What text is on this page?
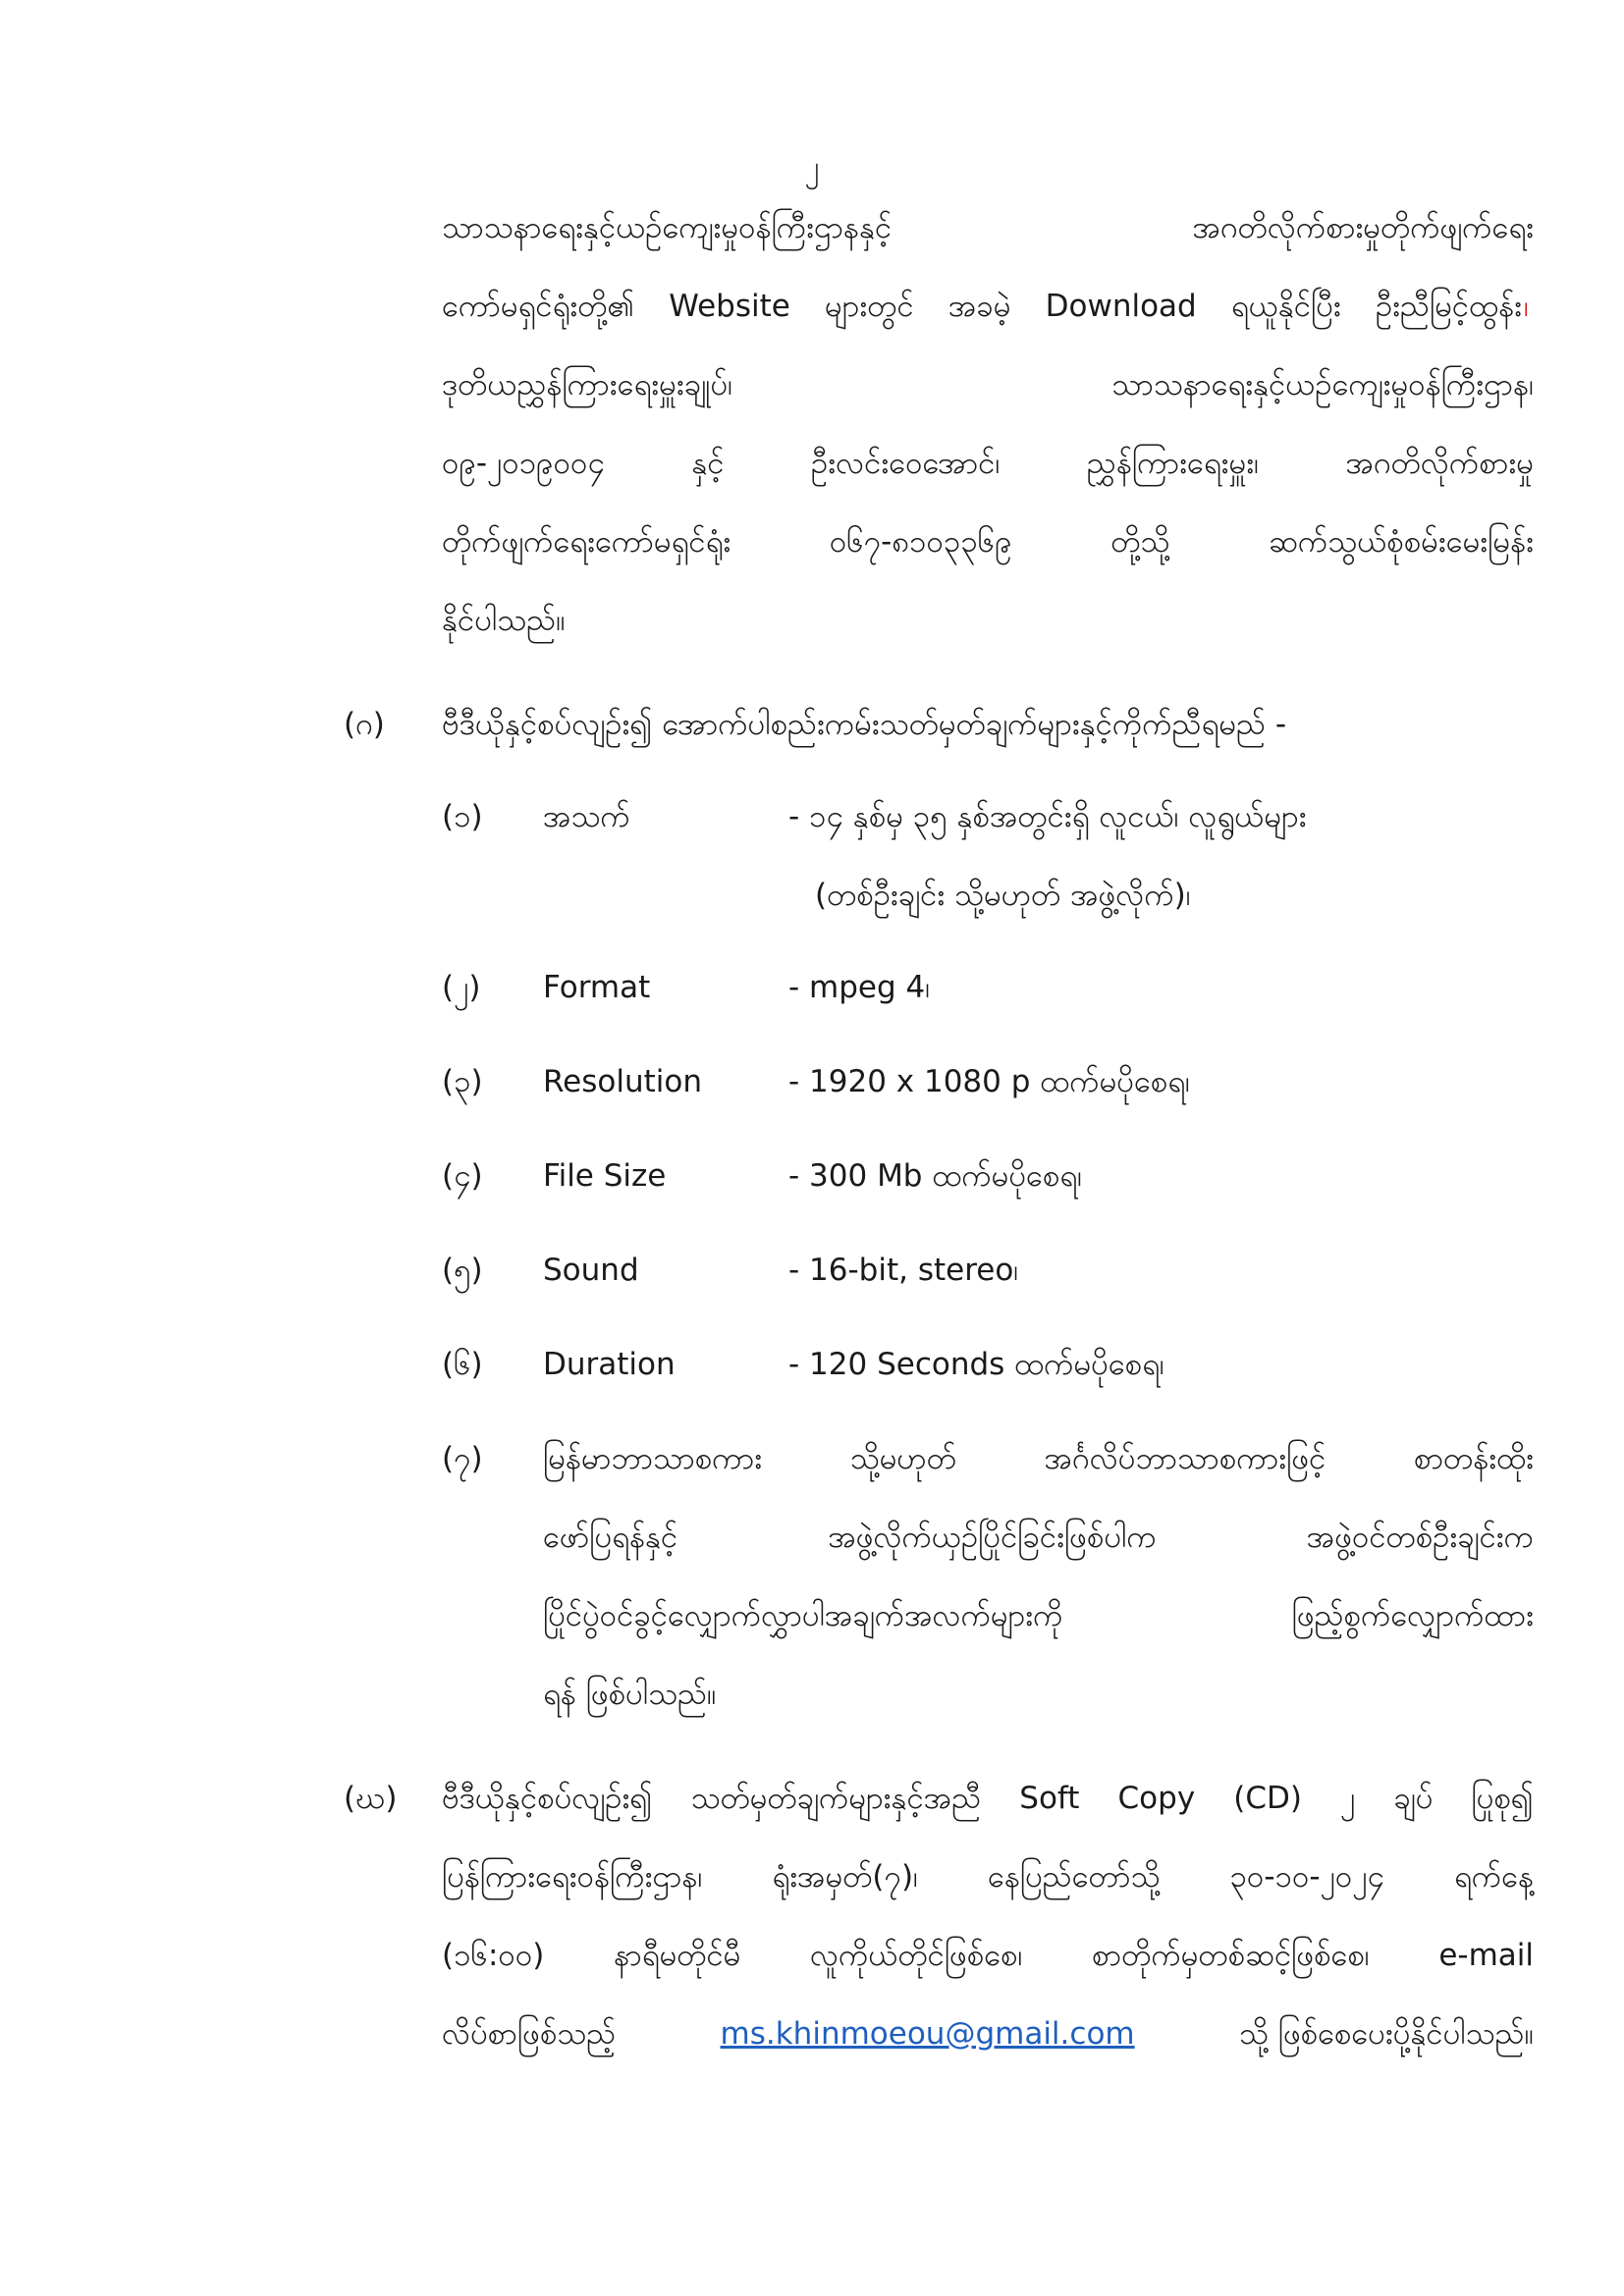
၂
သာသနာရေးနှင့်ယဉ်ကျေးမှုဝန်ကြီးဌာနနှင့် အဂတိလိုက်စားမှုတိုက်ဖျက်ရေး
ကော်မရှင်ရုံးတို့၏ Website များတွင် အခမဲ့ Download ရယူနိုင်ပြီး ဦးညီမြင့်ထွန်း ၊
ဒုတိယညွှန်ကြားရေးမှူးချုပ်၊ သာသနာရေးနှင့်ယဉ်ကျေးမှုဝန်ကြီးဌာန၊
၀၉-၂၀၁၉၀၀၄ နှင့် ဦးလင်းဝေအောင်၊ ညွှန်ကြားရေးမှူး၊ အဂတိလိုက်စားမှု
တိုက်ဖျက်ရေးကော်မရှင်ရုံး ၀၆၇-၈၁၀၃၃၆၉ တို့သို့ ဆက်သွယ်စုံစမ်းမေးမြန်း
နိုင်ပါသည်။
(ဂ) ဗီဒီယိုနှင့်စပ်လျဉ်း၍ အောက်ပါစည်းကမ်းသတ်မှတ်ချက်များနှင့်ကိုက်ညီရမည် -
(၁) အသက်	- ၁၄ နှစ်မှ ၃၅ နှစ်အတွင်းရှိ လူငယ်၊ လူရွယ်များ
(တစ်ဦးချင်း သို့မဟုတ် အဖွဲ့လိုက်)၊
(၂) Format	- mpeg 4၊
(၃) Resolution	- 1920 x 1080 p ထက်မပိုစေရ၊
(၄) File Size	- 300 Mb ထက်မပိုစေရ၊
(၅) Sound	- 16-bit, stereo၊
(၆) Duration	- 120 Seconds ထက်မပိုစေရ၊
(၇) မြန်မာဘာသာစကား သို့မဟုတ် အင်္ဂလိပ်ဘာသာစကားဖြင့် စာတန်းထိုး
ဖော်ပြရန်နှင့် အဖွဲ့လိုက်ယှဉ်ပြိုင်ခြင်းဖြစ်ပါက အဖွဲ့ဝင်တစ်ဦးချင်းက
ပြိုင်ပွဲဝင်ခွင့်လျှောက်လွှာပါအချက်အလက်များကို ဖြည့်စွက်လျှောက်ထား
ရန် ဖြစ်ပါသည်။
(ဃ) ဗီဒီယိုနှင့်စပ်လျဉ်း၍ သတ်မှတ်ချက်များနှင့်အညီ Soft Copy (CD) ၂ ချပ် ပြုစု၍
ပြန်ကြားရေးဝန်ကြီးဌာန၊ ရုံးအမှတ်(၇)၊ နေပြည်တော်သို့ ၃၀-၁၀-၂၀၂၄ ရက်နေ့
(၁၆:၀၀) နာရီမတိုင်မီ လူကိုယ်တိုင်ဖြစ်စေ၊ စာတိုက်မှတစ်ဆင့်ဖြစ်စေ၊ e-mail
လိပ်စာဖြစ်သည့်	ms.khinmoeou@gmail.com	သို့ ဖြစ်စေပေးပို့နိုင်ပါသည်။
